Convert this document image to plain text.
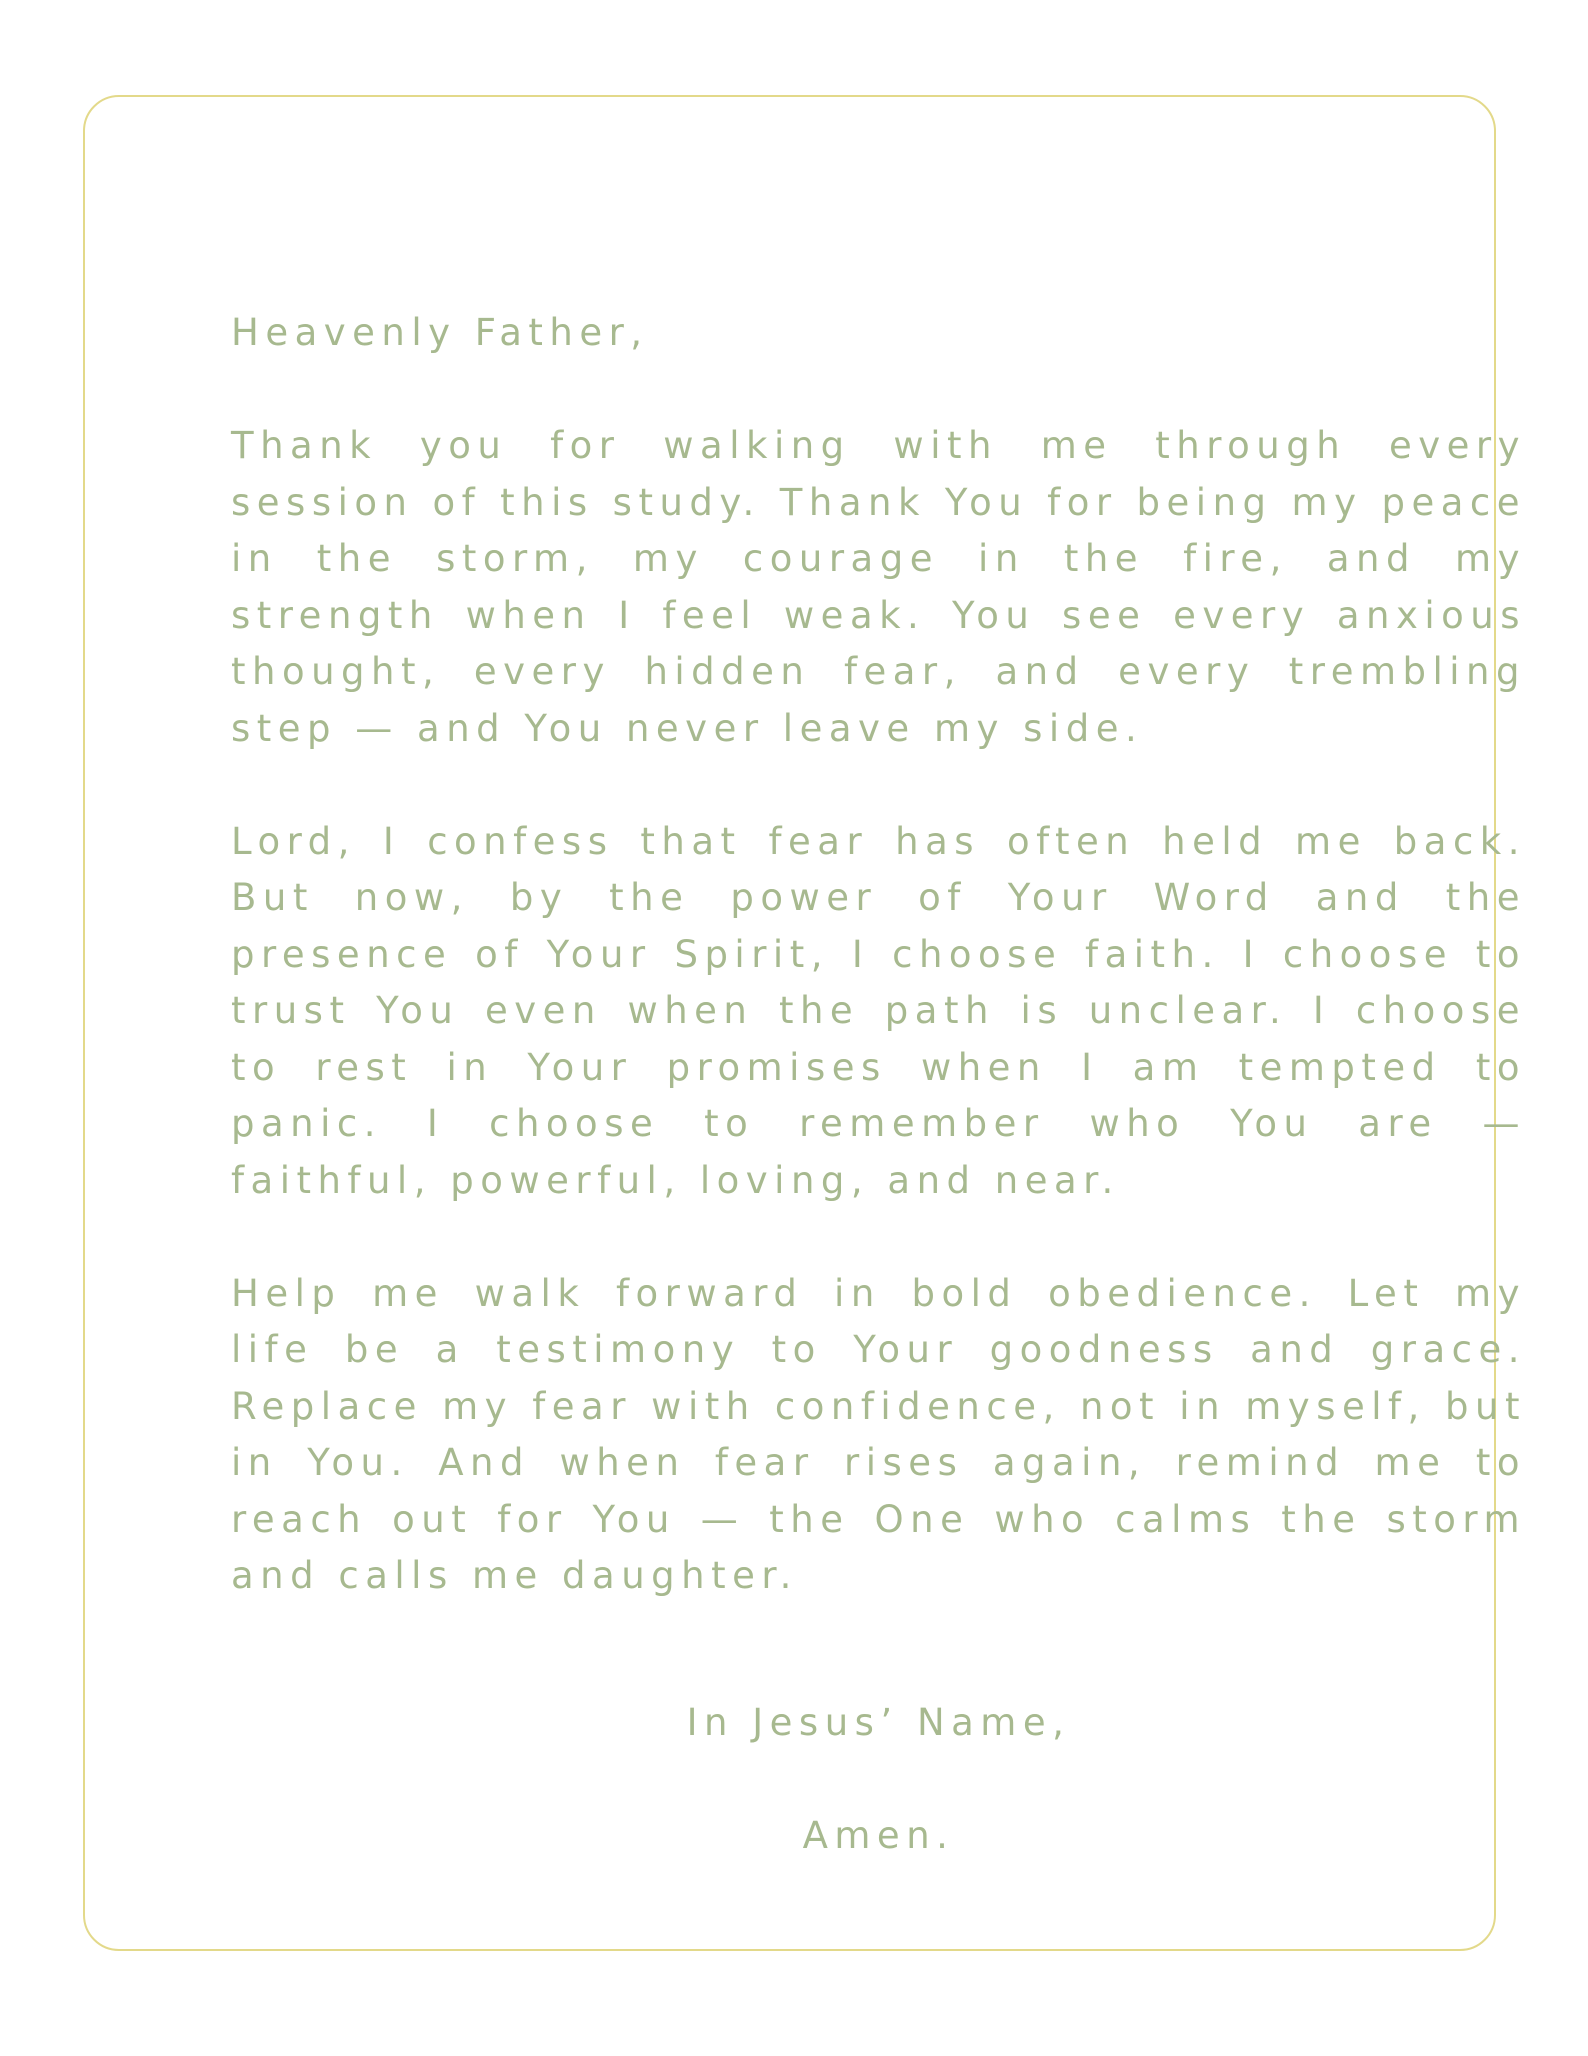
Heavenly Father,

Thank you for walking with me through every session of this study. Thank You for being my peace in the storm, my courage in the fire, and my strength when I feel weak. You see every anxious thought, every hidden fear, and every trembling step — and You never leave my side.

Lord, I confess that fear has often held me back. But now, by the power of Your Word and the presence of Your Spirit, I choose faith. I choose to trust You even when the path is unclear. I choose to rest in Your promises when I am tempted to panic. I choose to remember who You are — faithful, powerful, loving, and near.

Help me walk forward in bold obedience. Let my life be a testimony to Your goodness and grace. Replace my fear with confidence, not in myself, but in You. And when fear rises again, remind me to reach out for You — the One who calms the storm and calls me daughter.

In Jesus’ Name,

Amen.
